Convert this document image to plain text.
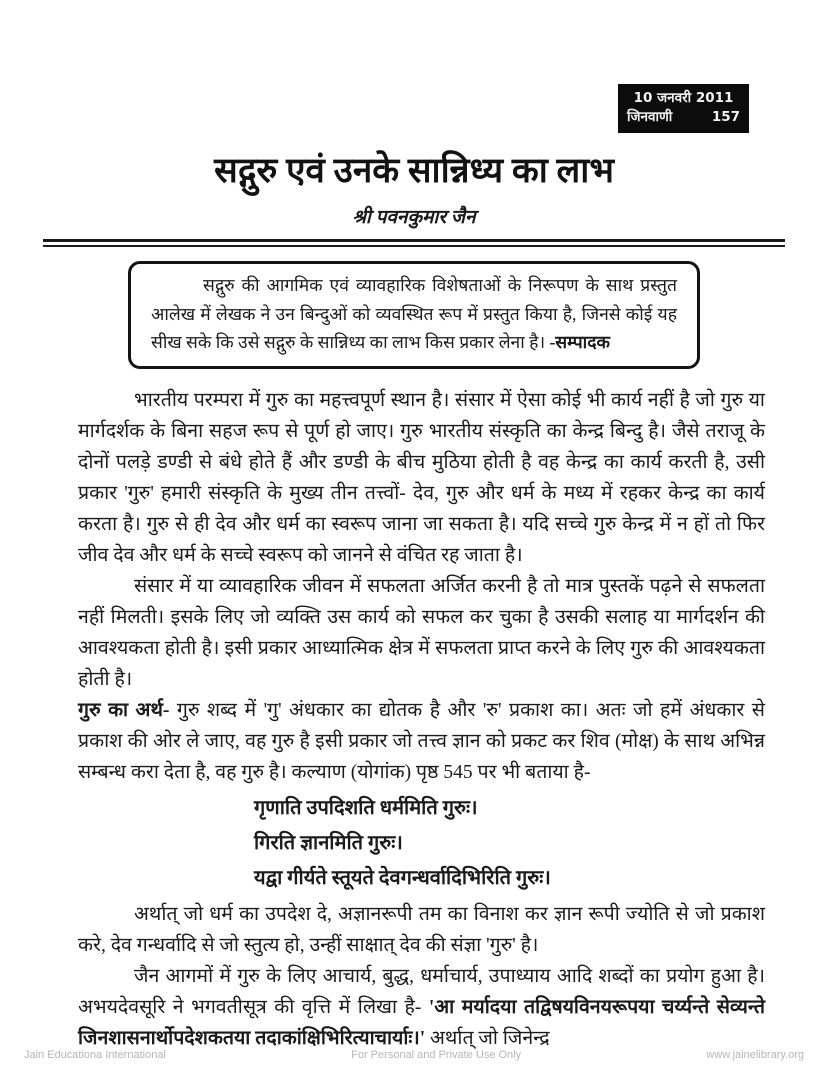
10 जनवरी 2011
जिनवाणी	157
सद्गुरु एवं उनके सान्निध्य का लाभ
श्री पवनकुमार जैन
सद्गुरु की आगमिक एवं व्यावहारिक विशेषताओं के निरूपण के साथ प्रस्तुत आलेख में लेखक ने उन बिन्दुओं को व्यवस्थित रूप में प्रस्तुत किया है, जिनसे कोई यह सीख सके कि उसे सद्गुरु के सान्निध्य का लाभ किस प्रकार लेना है। -सम्पादक

भारतीय परम्परा में गुरु का महत्त्वपूर्ण स्थान है। संसार में ऐसा कोई भी कार्य नहीं है जो गुरु या मार्गदर्शक के बिना सहज रूप से पूर्ण हो जाए। गुरु भारतीय संस्कृति का केन्द्र बिन्दु है। जैसे तराजू के दोनों पलड़े डण्डी से बंधे होते हैं और डण्डी के बीच मुठिया होती है वह केन्द्र का कार्य करती है, उसी प्रकार 'गुरु' हमारी संस्कृति के मुख्य तीन तत्त्वों- देव, गुरु और धर्म के मध्य में रहकर केन्द्र का कार्य करता है। गुरु से ही देव और धर्म का स्वरूप जाना जा सकता है। यदि सच्चे गुरु केन्द्र में न हों तो फिर जीव देव और धर्म के सच्चे स्वरूप को जानने से वंचित रह जाता है।

संसार में या व्यावहारिक जीवन में सफलता अर्जित करनी है तो मात्र पुस्तकें पढ़ने से सफलता नहीं मिलती। इसके लिए जो व्यक्ति उस कार्य को सफल कर चुका है उसकी सलाह या मार्गदर्शन की आवश्यकता होती है। इसी प्रकार आध्यात्मिक क्षेत्र में सफलता प्राप्त करने के लिए गुरु की आवश्यकता होती है।

गुरु का अर्थ- गुरु शब्द में 'गु' अंधकार का द्योतक है और 'रु' प्रकाश का। अतः जो हमें अंधकार से प्रकाश की ओर ले जाए, वह गुरु है इसी प्रकार जो तत्त्व ज्ञान को प्रकट कर शिव (मोक्ष) के साथ अभिन्न सम्बन्ध करा देता है, वह गुरु है। कल्याण (योगांक) पृष्ठ 545 पर भी बताया है-

गृणाति उपदिशति धर्ममिति गुरुः।
गिरति ज्ञानमिति गुरुः।
यद्वा गीर्यते स्तूयते देवगन्धर्वादिभिरिति गुरुः।

अर्थात् जो धर्म का उपदेश दे, अज्ञानरूपी तम का विनाश कर ज्ञान रूपी ज्योति से जो प्रकाश करे, देव गन्धर्वादि से जो स्तुत्य हो, उन्हीं साक्षात् देव की संज्ञा 'गुरु' है।

जैन आगमों में गुरु के लिए आचार्य, बुद्ध, धर्माचार्य, उपाध्याय आदि शब्दों का प्रयोग हुआ है। अभयदेवसूरि ने भगवतीसूत्र की वृत्ति में लिखा है- 'आ मर्यादया तद्विषयविनयरूपया चर्य्यन्ते सेव्यन्ते जिनशासनार्थोपदेशकतया तदाकांक्षिभिरित्याचार्याः।' अर्थात् जो जिनेन्द्र

Jain Educationa International	For Personal and Private Use Only	www.jainelibrary.org
